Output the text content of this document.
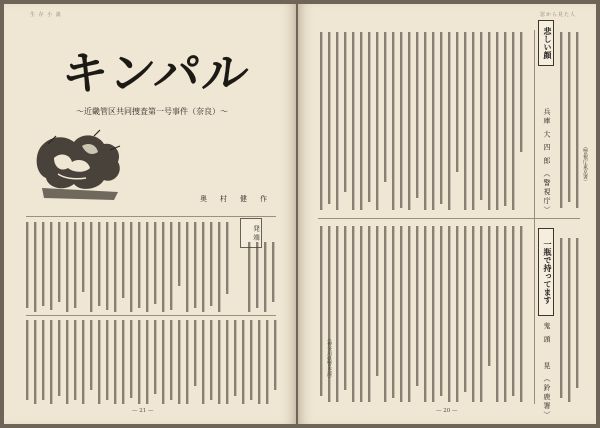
生 存 小 説
キンパル

〜近畿管区共同捜査第一号事件（奈良）〜

奥　村　健　作
発 端
— 21 —
窓から見た人
悲しい顔
兵庫 大 四 郎 （警視庁）
一瓶で持ってます
鬼 頭 　 晃 （鈴鹿署）
（警視庁東京署）
（神奈川県警本部）
— 20 —
